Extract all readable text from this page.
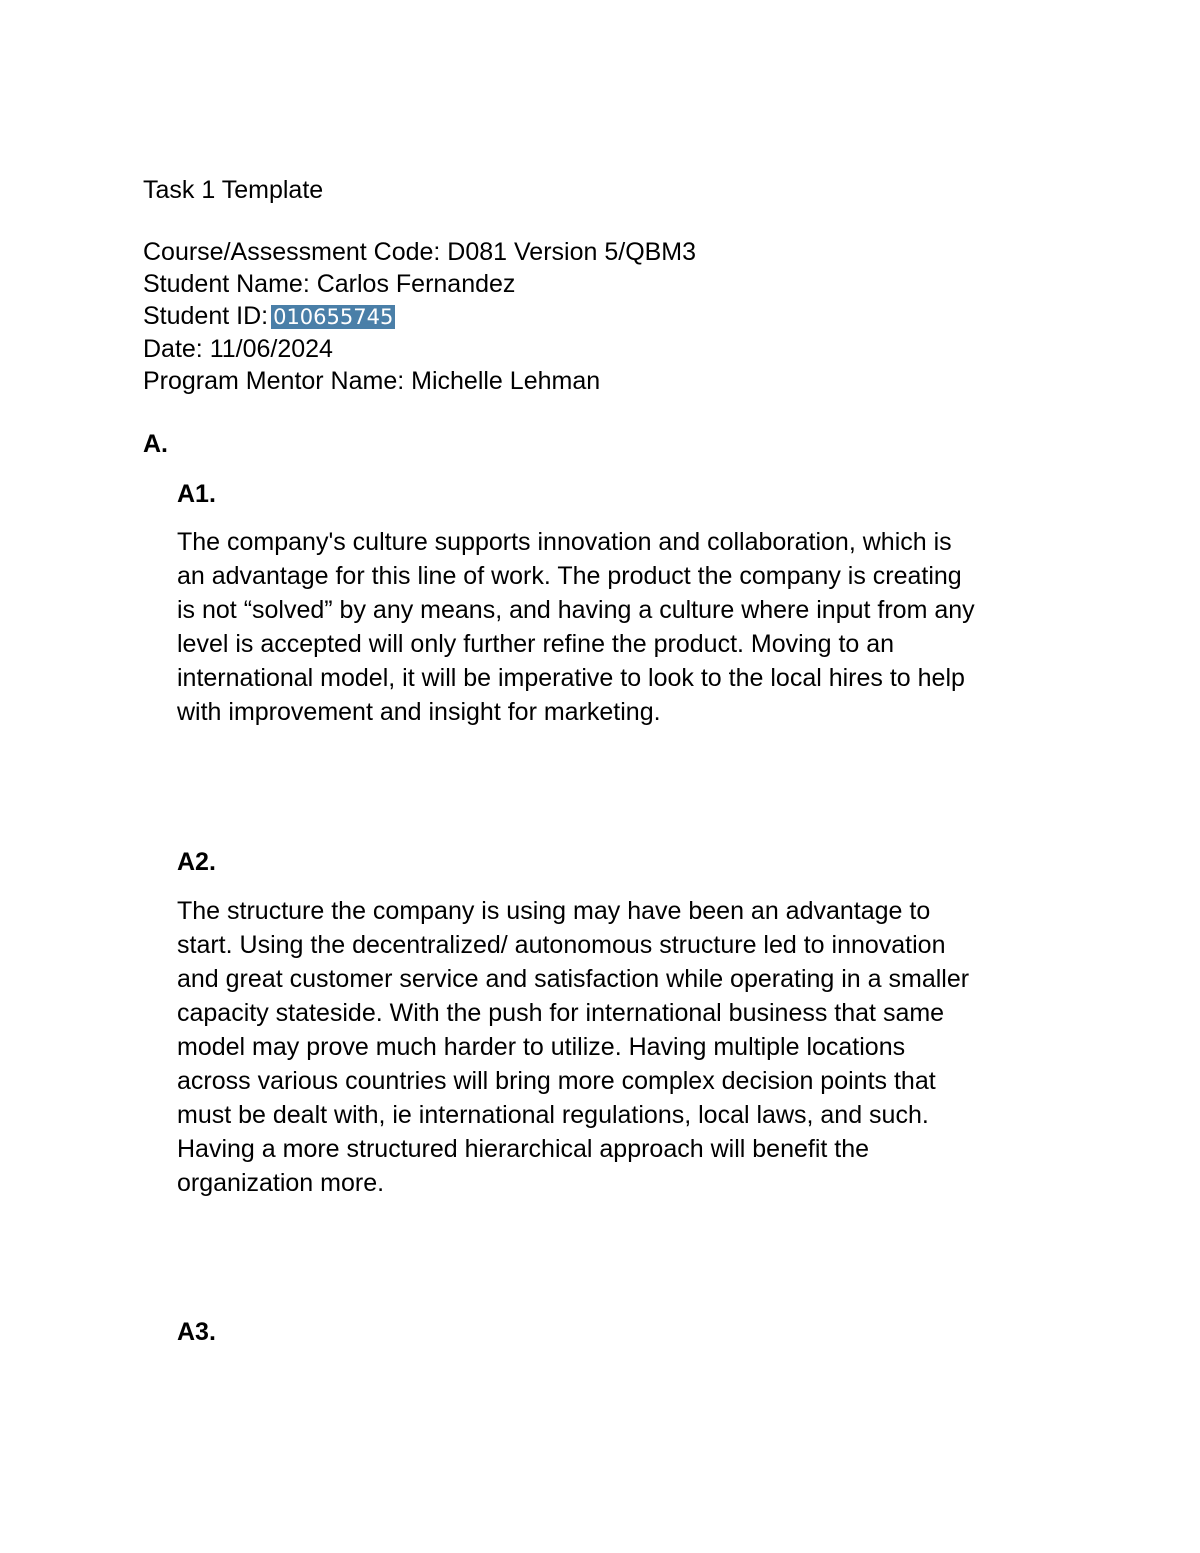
Task 1 Template
Course/Assessment Code: D081 Version 5/QBM3
Student Name: Carlos Fernandez
Student ID: 010655745
Date: 11/06/2024
Program Mentor Name: Michelle Lehman
A.
A1.

The company's culture supports innovation and collaboration, which is
an advantage for this line of work. The product the company is creating
is not “solved” by any means, and having a culture where input from any
level is accepted will only further refine the product. Moving to an
international model, it will be imperative to look to the local hires to help
with improvement and insight for marketing.

A2.

The structure the company is using may have been an advantage to
start. Using the decentralized/ autonomous structure led to innovation
and great customer service and satisfaction while operating in a smaller
capacity stateside. With the push for international business that same
model may prove much harder to utilize. Having multiple locations
across various countries will bring more complex decision points that
must be dealt with, ie international regulations, local laws, and such.
Having a more structured hierarchical approach will benefit the
organization more.

A3.
